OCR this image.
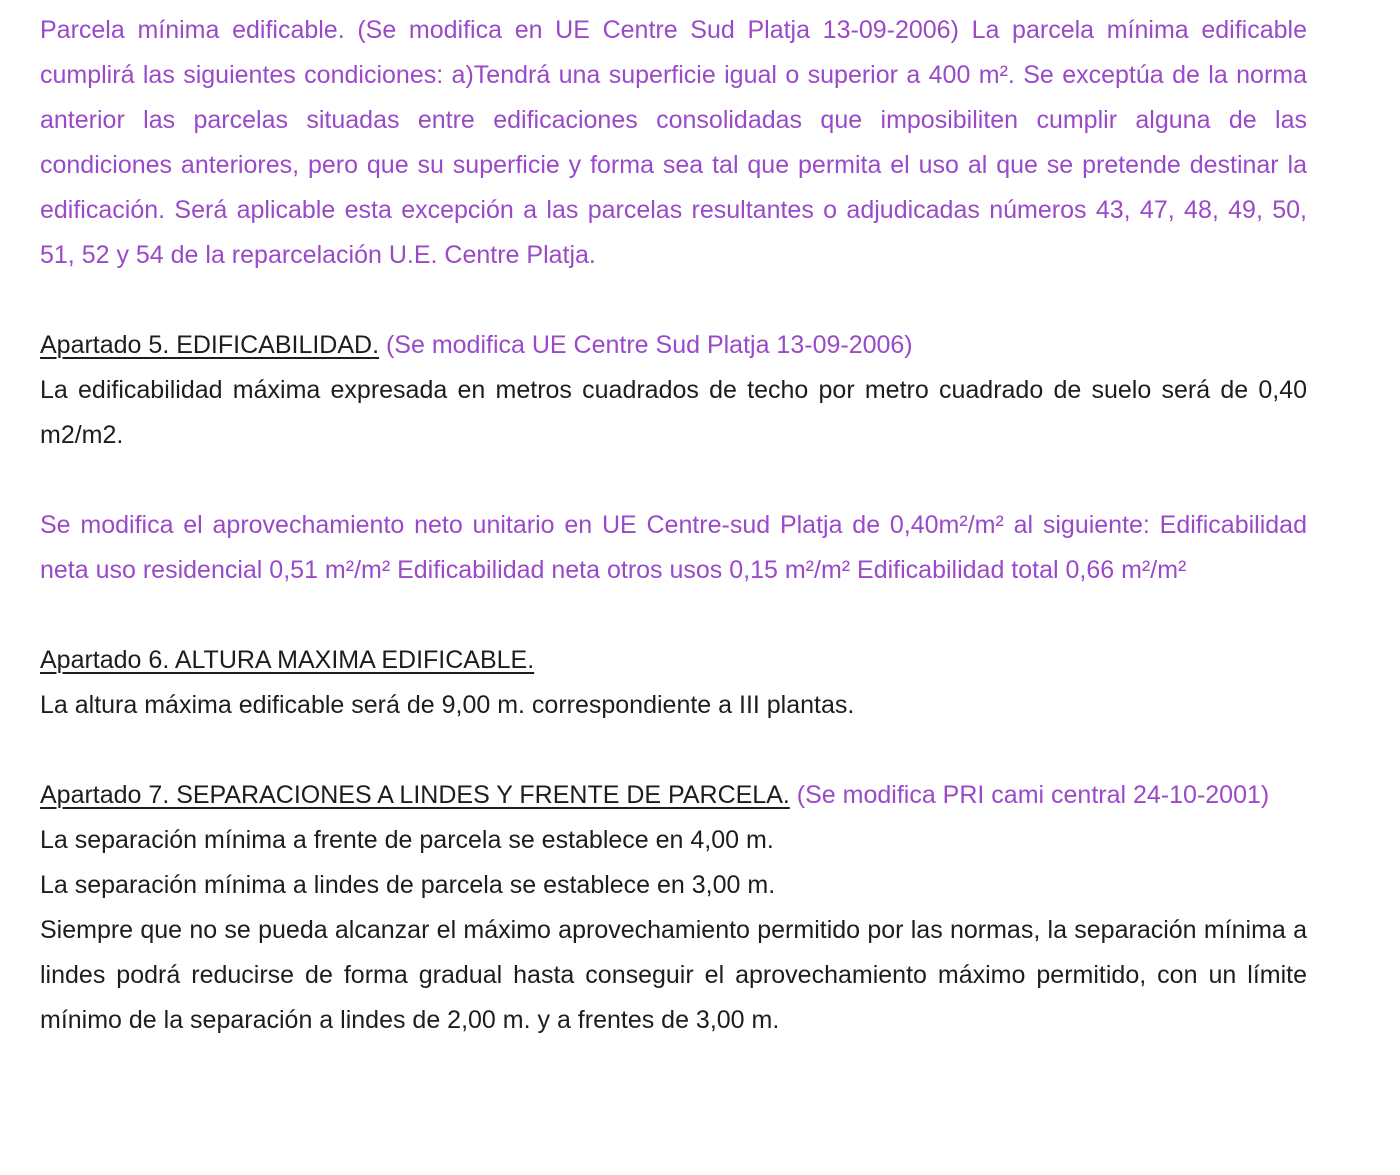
Parcela mínima edificable. (Se modifica en UE Centre Sud Platja 13-09-2006) La parcela mínima edificable cumplirá las siguientes condiciones: a)Tendrá una superficie igual o superior a 400 m². Se exceptúa de la norma anterior las parcelas situadas entre edificaciones consolidadas que imposibiliten cumplir alguna de las condiciones anteriores, pero que su superficie y forma sea tal que permita el uso al que se pretende destinar la edificación. Será aplicable esta excepción a las parcelas resultantes o adjudicadas números 43, 47, 48, 49, 50, 51, 52 y 54 de la reparcelación U.E. Centre Platja.

Apartado 5. EDIFICABILIDAD. (Se modifica UE Centre Sud Platja 13-09-2006)

La edificabilidad máxima expresada en metros cuadrados de techo por metro cuadrado de suelo será de 0,40 m2/m2.

Se modifica el aprovechamiento neto unitario en UE Centre-sud Platja de 0,40m²/m² al siguiente: Edificabilidad neta uso residencial 0,51 m²/m² Edificabilidad neta otros usos 0,15 m²/m² Edificabilidad total 0,66 m²/m²

Apartado 6. ALTURA MAXIMA EDIFICABLE.

La altura máxima edificable será de 9,00 m. correspondiente a III plantas.

Apartado 7. SEPARACIONES A LINDES Y FRENTE DE PARCELA. (Se modifica PRI cami central 24-10-2001)

La separación mínima a frente de parcela se establece en 4,00 m.

La separación mínima a lindes de parcela se establece en 3,00 m.

Siempre que no se pueda alcanzar el máximo aprovechamiento permitido por las normas, la separación mínima a lindes podrá reducirse de forma gradual hasta conseguir el aprovechamiento máximo permitido, con un límite mínimo de la separación a lindes de 2,00 m. y a frentes de 3,00 m.
